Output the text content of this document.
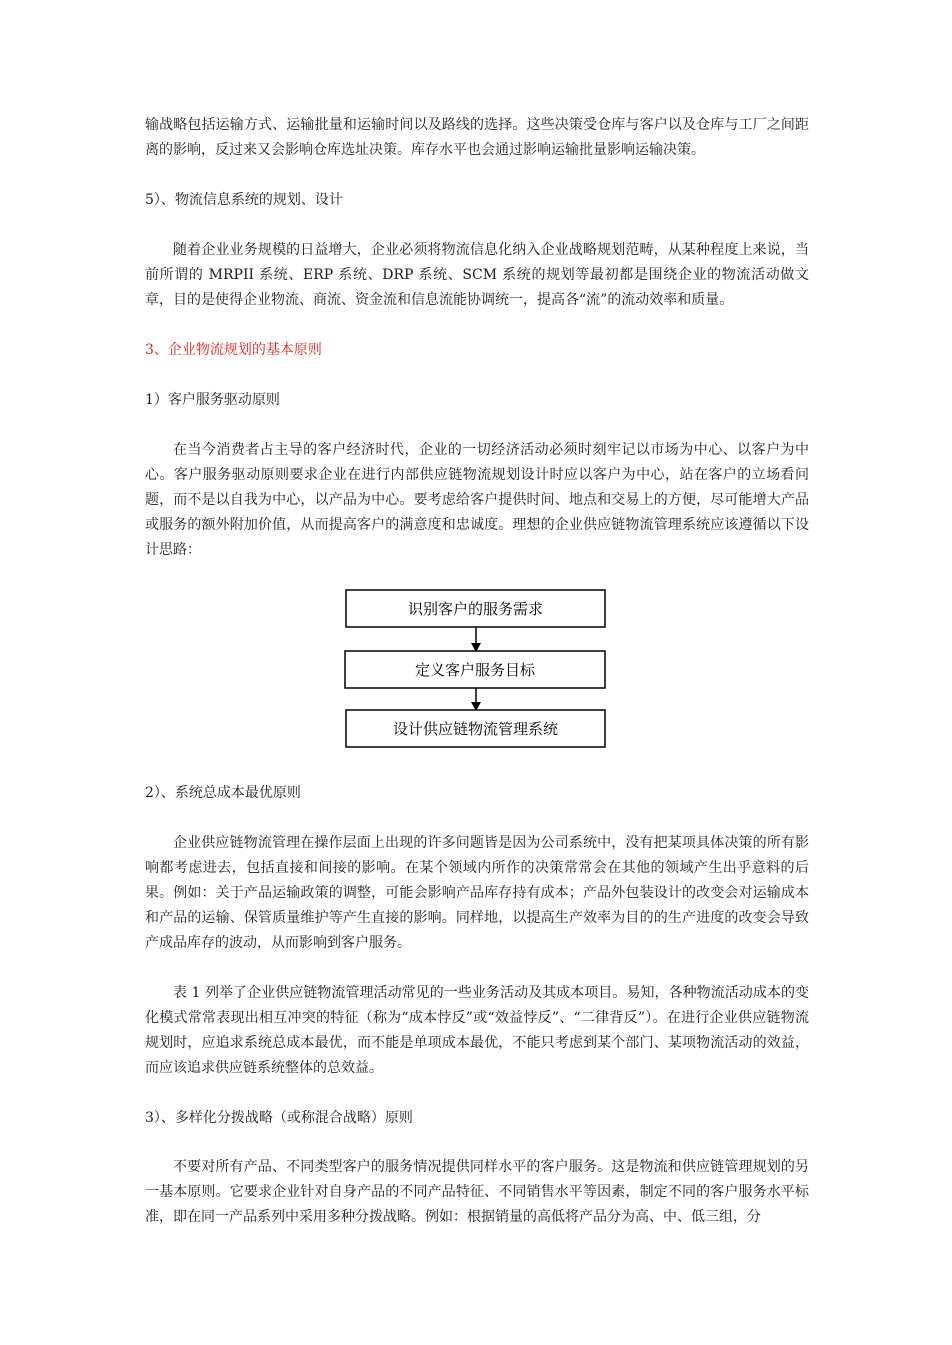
输战略包括运输方式、运输批量和运输时间以及路线的选择。这些决策受仓库与客户以及仓库与工厂之间距离的影响，反过来又会影响仓库选址决策。库存水平也会通过影响运输批量影响运输决策。

5）、物流信息系统的规划、设计

随着企业业务规模的日益增大，企业必须将物流信息化纳入企业战略规划范畴，从某种程度上来说，当前所谓的 MRPII 系统、ERP 系统、DRP 系统、SCM 系统的规划等最初都是围绕企业的物流活动做文章，目的是使得企业物流、商流、资金流和信息流能协调统一，提高各“流”的流动效率和质量。

3、企业物流规划的基本原则

1）客户服务驱动原则

在当今消费者占主导的客户经济时代，企业的一切经济活动必须时刻牢记以市场为中心、以客户为中心。客户服务驱动原则要求企业在进行内部供应链物流规划设计时应以客户为中心，站在客户的立场看问题，而不是以自我为中心，以产品为中心。要考虑给客户提供时间、地点和交易上的方便，尽可能增大产品或服务的额外附加价值，从而提高客户的满意度和忠诚度。理想的企业供应链物流管理系统应该遵循以下设计思路：

识别客户的服务需求
定义客户服务目标
设计供应链物流管理系统

2）、系统总成本最优原则

企业供应链物流管理在操作层面上出现的许多问题皆是因为公司系统中，没有把某项具体决策的所有影响都考虑进去，包括直接和间接的影响。在某个领域内所作的决策常常会在其他的领域产生出乎意料的后果。例如：关于产品运输政策的调整，可能会影响产品库存持有成本；产品外包装设计的改变会对运输成本和产品的运输、保管质量维护等产生直接的影响。同样地，以提高生产效率为目的的生产进度的改变会导致产成品库存的波动，从而影响到客户服务。

表 1 列举了企业供应链物流管理活动常见的一些业务活动及其成本项目。易知，各种物流活动成本的变化模式常常表现出相互冲突的特征（称为“成本悖反”或“效益悖反”、“二律背反”）。在进行企业供应链物流规划时，应追求系统总成本最优，而不能是单项成本最优，不能只考虑到某个部门、某项物流活动的效益，而应该追求供应链系统整体的总效益。

3）、多样化分拨战略（或称混合战略）原则

不要对所有产品、不同类型客户的服务情况提供同样水平的客户服务。这是物流和供应链管理规划的另一基本原则。它要求企业针对自身产品的不同产品特征、不同销售水平等因素，制定不同的客户服务水平标准，即在同一产品系列中采用多种分拨战略。例如：根据销量的高低将产品分为高、中、低三组，分
